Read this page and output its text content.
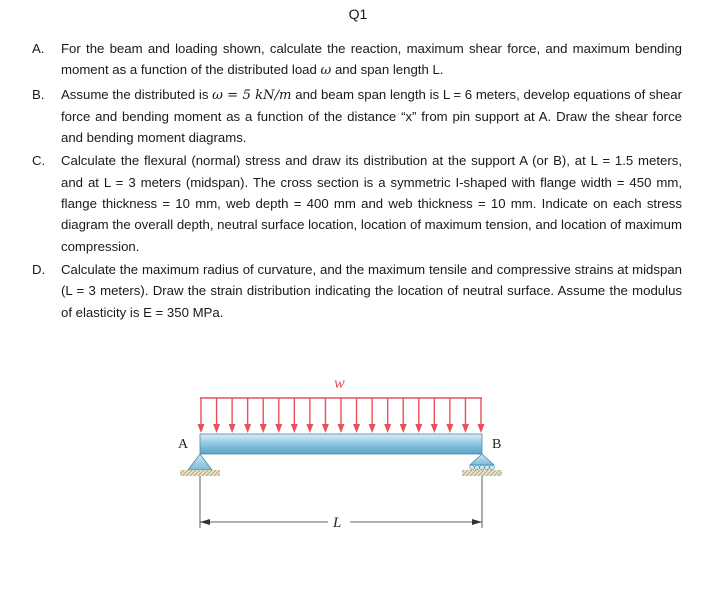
Q1
A.	For the beam and loading shown, calculate the reaction, maximum shear force, and maximum bending moment as a function of the distributed load ω and span length L.
B.	Assume the distributed is ω = 5 kN/m and beam span length is L = 6 meters, develop equations of shear force and bending moment as a function of the distance “x” from pin support at A. Draw the shear force and bending moment diagrams.
C.	Calculate the flexural (normal) stress and draw its distribution at the support A (or B), at L = 1.5 meters, and at L = 3 meters (midspan). The cross section is a symmetric I-shaped with flange width = 450 mm, flange thickness = 10 mm, web depth = 400 mm and web thickness = 10 mm. Indicate on each stress diagram the overall depth, neutral surface location, location of maximum tension, and location of maximum compression.
D.	Calculate the maximum radius of curvature, and the maximum tensile and compressive strains at midspan (L = 3 meters). Draw the strain distribution indicating the location of neutral surface. Assume the modulus of elasticity is E = 350 MPa.
w
A	B
L
